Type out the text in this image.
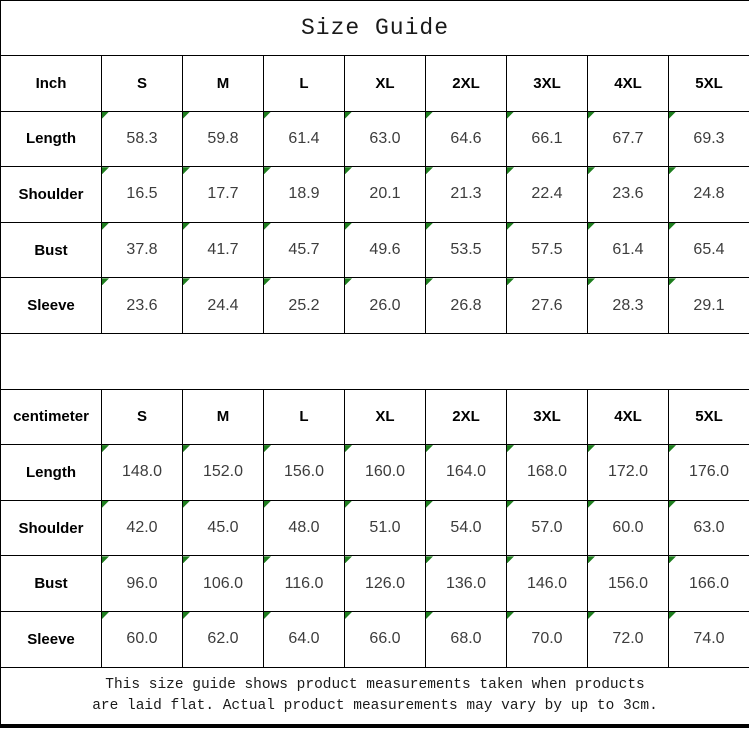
Size Guide
Inch	S	M	L	XL	2XL	3XL	4XL	5XL
Length	58.3	59.8	61.4	63.0	64.6	66.1	67.7	69.3
Shoulder	16.5	17.7	18.9	20.1	21.3	22.4	23.6	24.8
Bust	37.8	41.7	45.7	49.6	53.5	57.5	61.4	65.4
Sleeve	23.6	24.4	25.2	26.0	26.8	27.6	28.3	29.1
centimeter	S	M	L	XL	2XL	3XL	4XL	5XL
Length	148.0	152.0	156.0	160.0	164.0	168.0	172.0	176.0
Shoulder	42.0	45.0	48.0	51.0	54.0	57.0	60.0	63.0
Bust	96.0	106.0	116.0	126.0	136.0	146.0	156.0	166.0
Sleeve	60.0	62.0	64.0	66.0	68.0	70.0	72.0	74.0
This size guide shows product measurements taken when products
are laid flat. Actual product measurements may vary by up to 3cm.
